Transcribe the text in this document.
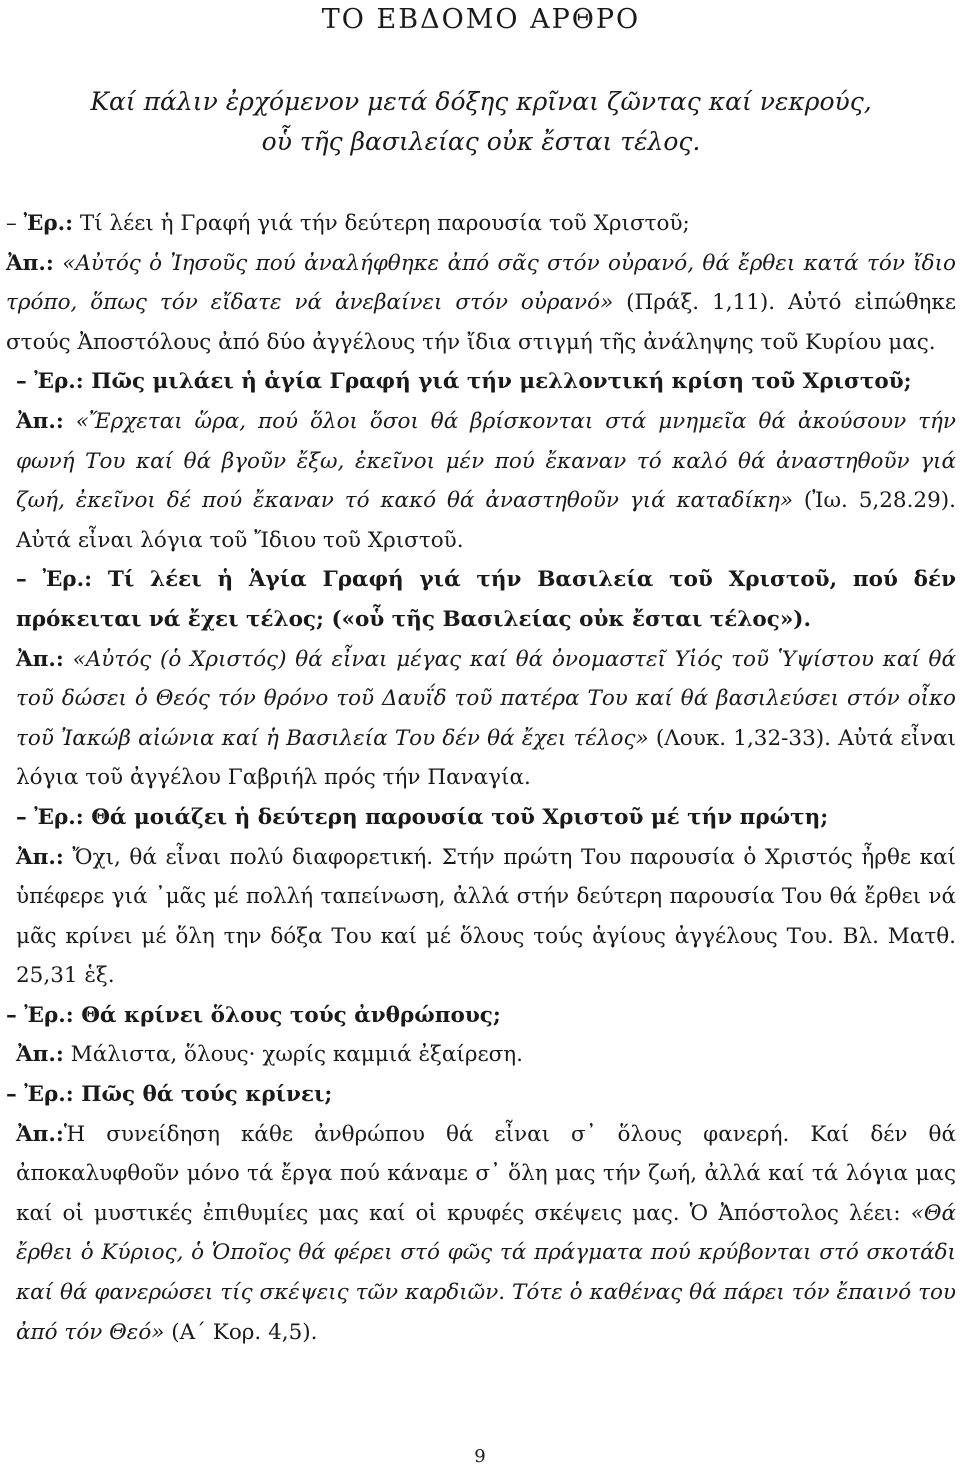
ΤΟ ΕΒΔΟΜΟ ΑΡΘΡΟ
Καί πάλιν ἐρχόμενον μετά δόξης κρῖναι ζῶντας καί νεκρούς,
οὗ τῆς βασιλείας οὐκ ἔσται τέλος.
– Ἐρ.: Τί λέει ἡ Γραφή γιά τήν δεύτερη παρουσία τοῦ Χριστοῦ;
Ἀπ.: «Αὐτός ὁ Ἰησοῦς πού ἀναλήφθηκε ἀπό σᾶς στόν οὐρανό, θά ἔρθει κατά τόν ἴδιο τρόπο, ὅπως τόν εἴδατε νά ἀνεβαίνει στόν οὐρανό» (Πράξ. 1,11). Αὐτό εἰπώθηκε στούς Ἀποστόλους ἀπό δύο ἀγγέλους τήν ἴδια στιγμή τῆς ἀνάληψης τοῦ Κυρίου μας.
– Ἐρ.: Πῶς μιλάει ἡ ἁγία Γραφή γιά τήν μελλοντική κρίση τοῦ Χριστοῦ;
Ἀπ.: «Ἔρχεται ὥρα, πού ὅλοι ὅσοι θά βρίσκονται στά μνημεῖα θά ἀκούσουν τήν φωνή Του καί θά βγοῦν ἔξω, ἐκεῖνοι μέν πού ἔκαναν τό καλό θά ἀναστηθοῦν γιά ζωή, ἐκεῖνοι δέ πού ἔκαναν τό κακό θά ἀναστηθοῦν γιά καταδίκη» (Ἰω. 5,28.29). Αὐτά εἶναι λόγια τοῦ Ἴδιου τοῦ Χριστοῦ.
– Ἐρ.: Τί λέει ἡ Ἁγία Γραφή γιά τήν Βασιλεία τοῦ Χριστοῦ, πού δέν πρόκειται νά ἔχει τέλος; («οὗ τῆς Βασιλείας οὐκ ἔσται τέλος»).
Ἀπ.: «Αὐτός (ὁ Χριστός) θά εἶναι μέγας καί θά ὀνομαστεῖ Υἱός τοῦ Ὑψίστου καί θά τοῦ δώσει ὁ Θεός τόν θρόνο τοῦ Δαυΐδ τοῦ πατέρα Του καί θά βασιλεύσει στόν οἶκο τοῦ Ἰακώβ αἰώνια καί ἡ Βασιλεία Του δέν θά ἔχει τέλος» (Λουκ. 1,32-33). Αὐτά εἶναι λόγια τοῦ ἀγγέλου Γαβριήλ πρός τήν Παναγία.
– Ἐρ.: Θά μοιάζει ἡ δεύτερη παρουσία τοῦ Χριστοῦ μέ τήν πρώτη;
Ἀπ.: Ὄχι, θά εἶναι πολύ διαφορετική. Στήν πρώτη Του παρουσία ὁ Χριστός ἦρθε καί ὑπέφερε γιά ᾿μᾶς μέ πολλή ταπείνωση, ἀλλά στήν δεύτερη παρουσία Του θά ἔρθει νά μᾶς κρίνει μέ ὅλη την δόξα Του καί μέ ὅλους τούς ἁγίους ἀγγέλους Του. Βλ. Ματθ. 25,31 ἑξ.
– Ἐρ.: Θά κρίνει ὅλους τούς ἀνθρώπους;
Ἀπ.: Μάλιστα, ὅλους· χωρίς καμμιά ἐξαίρεση.
– Ἐρ.: Πῶς θά τούς κρίνει;
Ἀπ.:Ἡ συνείδηση κάθε ἀνθρώπου θά εἶναι σ᾿ ὅλους φανερή. Καί δέν θά ἀποκαλυφθοῦν μόνο τά ἔργα πού κάναμε σ᾿ ὅλη μας τήν ζωή, ἀλλά καί τά λόγια μας καί οἱ μυστικές ἐπιθυμίες μας καί οἱ κρυφές σκέψεις μας. Ὁ Ἀπόστολος λέει: «Θά ἔρθει ὁ Κύριος, ὁ Ὁποῖος θά φέρει στό φῶς τά πράγματα πού κρύβονται στό σκοτάδι καί θά φανερώσει τίς σκέψεις τῶν καρδιῶν. Τότε ὁ καθένας θά πάρει τόν ἔπαινό του ἀπό τόν Θεό» (Α΄ Κορ. 4,5).
9
